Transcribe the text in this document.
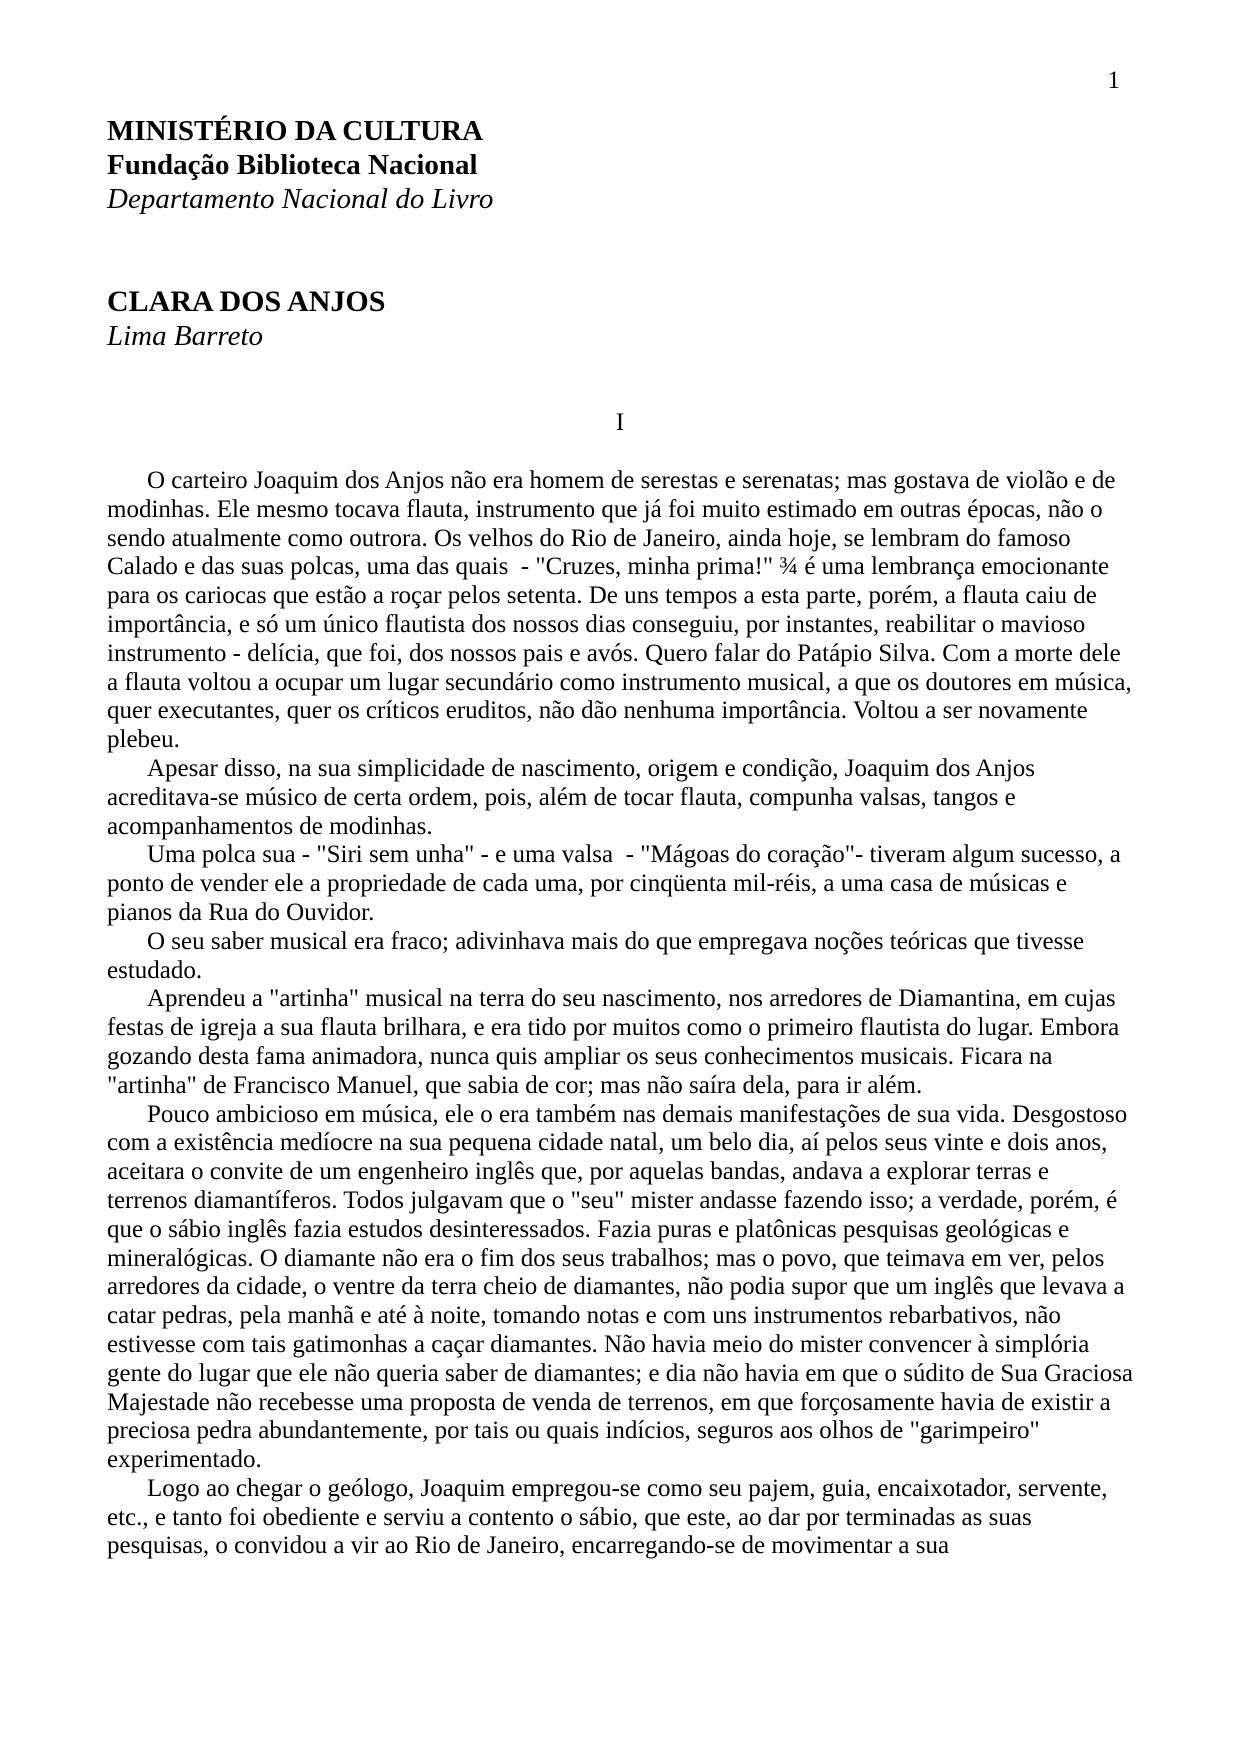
1
MINISTÉRIO DA CULTURA
Fundação Biblioteca Nacional
Departamento Nacional do Livro
CLARA DOS ANJOS
Lima Barreto
I

O carteiro Joaquim dos Anjos não era homem de serestas e serenatas; mas gostava de violão e de modinhas. Ele mesmo tocava flauta, instrumento que já foi muito estimado em outras épocas, não o sendo atualmente como outrora. Os velhos do Rio de Janeiro, ainda hoje, se lembram do famoso Calado e das suas polcas, uma das quais  - "Cruzes, minha prima!" ¾ é uma lembrança emocionante para os cariocas que estão a roçar pelos setenta. De uns tempos a esta parte, porém, a flauta caiu de importância, e só um único flautista dos nossos dias conseguiu, por instantes, reabilitar o mavioso instrumento - delícia, que foi, dos nossos pais e avós. Quero falar do Patápio Silva. Com a morte dele a flauta voltou a ocupar um lugar secundário como instrumento musical, a que os doutores em música, quer executantes, quer os críticos eruditos, não dão nenhuma importância. Voltou a ser novamente plebeu.

Apesar disso, na sua simplicidade de nascimento, origem e condição, Joaquim dos Anjos acreditava-se músico de certa ordem, pois, além de tocar flauta, compunha valsas, tangos e acompanhamentos de modinhas.

Uma polca sua - "Siri sem unha" - e uma valsa  - "Mágoas do coração"- tiveram algum sucesso, a ponto de vender ele a propriedade de cada uma, por cinqüenta mil-réis, a uma casa de músicas e pianos da Rua do Ouvidor.

O seu saber musical era fraco; adivinhava mais do que empregava noções teóricas que tivesse estudado.

Aprendeu a "artinha" musical na terra do seu nascimento, nos arredores de Diamantina, em cujas festas de igreja a sua flauta brilhara, e era tido por muitos como o primeiro flautista do lugar. Embora gozando desta fama animadora, nunca quis ampliar os seus conhecimentos musicais. Ficara na "artinha" de Francisco Manuel, que sabia de cor; mas não saíra dela, para ir além.

Pouco ambicioso em música, ele o era também nas demais manifestações de sua vida. Desgostoso com a existência medíocre na sua pequena cidade natal, um belo dia, aí pelos seus vinte e dois anos, aceitara o convite de um engenheiro inglês que, por aquelas bandas, andava a explorar terras e terrenos diamantíferos. Todos julgavam que o "seu" mister andasse fazendo isso; a verdade, porém, é que o sábio inglês fazia estudos desinteressados. Fazia puras e platônicas pesquisas geológicas e mineralógicas. O diamante não era o fim dos seus trabalhos; mas o povo, que teimava em ver, pelos arredores da cidade, o ventre da terra cheio de diamantes, não podia supor que um inglês que levava a catar pedras, pela manhã e até à noite, tomando notas e com uns instrumentos rebarbativos, não estivesse com tais gatimonhas a caçar diamantes. Não havia meio do mister convencer à simplória gente do lugar que ele não queria saber de diamantes; e dia não havia em que o súdito de Sua Graciosa Majestade não recebesse uma proposta de venda de terrenos, em que forçosamente havia de existir a preciosa pedra abundantemente, por tais ou quais indícios, seguros aos olhos de "garimpeiro" experimentado.

Logo ao chegar o geólogo, Joaquim empregou-se como seu pajem, guia, encaixotador, servente, etc., e tanto foi obediente e serviu a contento o sábio, que este, ao dar por terminadas as suas pesquisas, o convidou a vir ao Rio de Janeiro, encarregando-se de movimentar a sua
